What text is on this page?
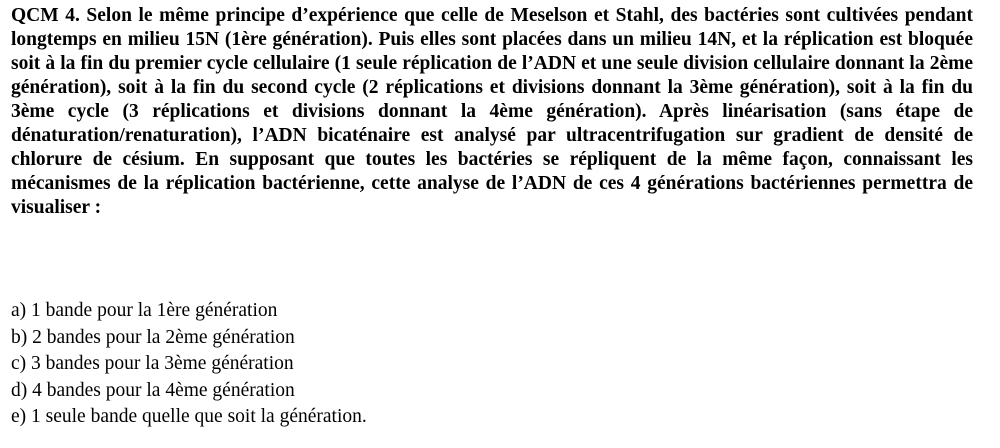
QCM 4. Selon le même principe d’expérience que celle de Meselson et Stahl, des bactéries sont cultivées pendant longtemps en milieu 15N (1ère génération). Puis elles sont placées dans un milieu 14N, et la réplication est bloquée soit à la fin du premier cycle cellulaire (1 seule réplication de l’ADN et une seule division cellulaire donnant la 2ème génération), soit à la fin du second cycle (2 réplications et divisions donnant la 3ème génération), soit à la fin du 3ème cycle (3 réplications et divisions donnant la 4ème génération). Après linéarisation (sans étape de dénaturation/renaturation), l’ADN bicaténaire est analysé par ultracentrifugation sur gradient de densité de chlorure de césium. En supposant que toutes les bactéries se répliquent de la même façon, connaissant les mécanismes de la réplication bactérienne, cette analyse de l’ADN de ces 4 générations bactériennes permettra de visualiser :

a) 1 bande pour la 1ère génération
b) 2 bandes pour la 2ème génération
c) 3 bandes pour la 3ème génération
d) 4 bandes pour la 4ème génération
e) 1 seule bande quelle que soit la génération.
